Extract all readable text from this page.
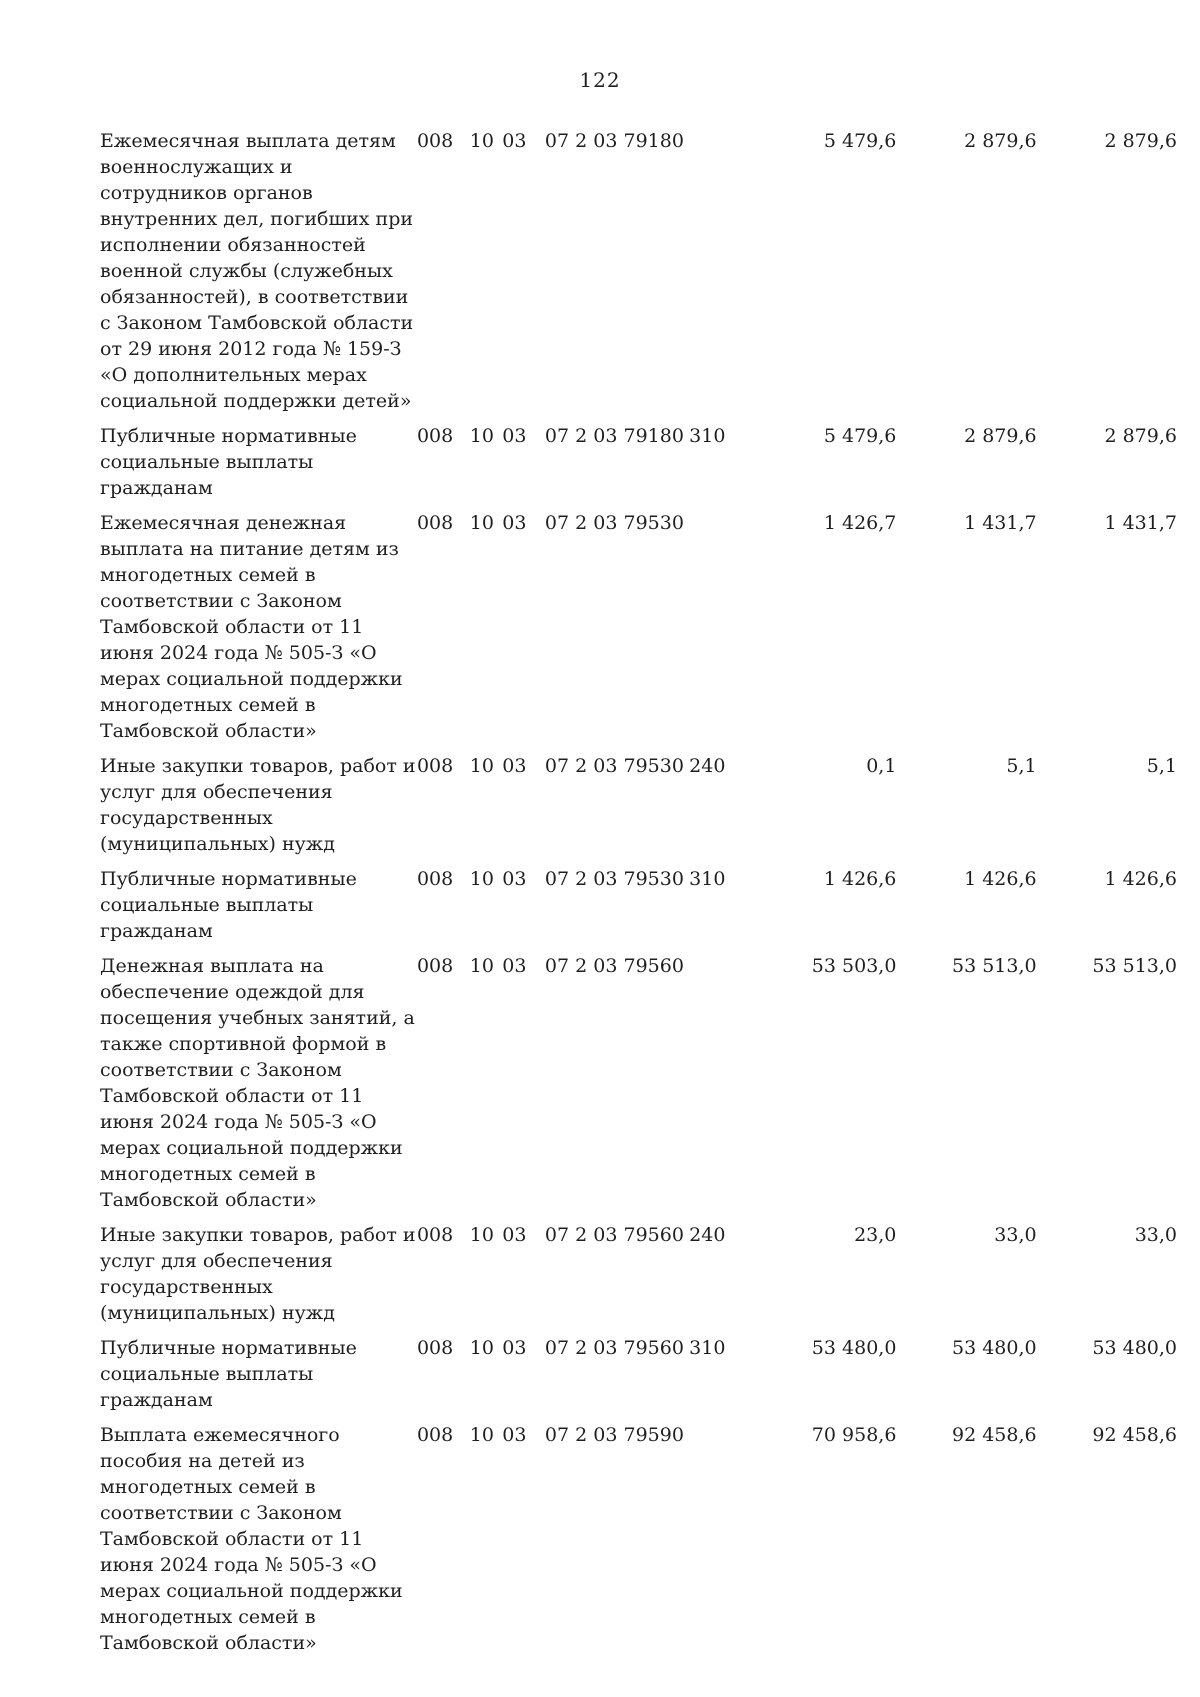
122
Ежемесячная выплата детям военнослужащих и сотрудников органов внутренних дел, погибших при исполнении обязанностей военной службы (служебных обязанностей), в соответствии с Законом Тамбовской области от 29 июня 2012 года № 159-З «О дополнительных мерах социальной поддержки детей»	008	10	03	07 2 03 79180		5 479,6	2 879,6	2 879,6
Публичные нормативные социальные выплаты гражданам	008	10	03	07 2 03 79180	310	5 479,6	2 879,6	2 879,6
Ежемесячная денежная выплата на питание детям из многодетных семей в соответствии с Законом Тамбовской области от 11 июня 2024 года № 505-З «О мерах социальной поддержки многодетных семей в Тамбовской области»	008	10	03	07 2 03 79530		1 426,7	1 431,7	1 431,7
Иные закупки товаров, работ и услуг для обеспечения государственных (муниципальных) нужд	008	10	03	07 2 03 79530	240	0,1	5,1	5,1
Публичные нормативные социальные выплаты гражданам	008	10	03	07 2 03 79530	310	1 426,6	1 426,6	1 426,6
Денежная выплата на обеспечение одеждой для посещения учебных занятий, а также спортивной формой в соответствии с Законом Тамбовской области от 11 июня 2024 года № 505-З «О мерах социальной поддержки многодетных семей в Тамбовской области»	008	10	03	07 2 03 79560		53 503,0	53 513,0	53 513,0
Иные закупки товаров, работ и услуг для обеспечения государственных (муниципальных) нужд	008	10	03	07 2 03 79560	240	23,0	33,0	33,0
Публичные нормативные социальные выплаты гражданам	008	10	03	07 2 03 79560	310	53 480,0	53 480,0	53 480,0
Выплата ежемесячного пособия на детей из многодетных семей в соответствии с Законом Тамбовской области от 11 июня 2024 года № 505-З «О мерах социальной поддержки многодетных семей в Тамбовской области»	008	10	03	07 2 03 79590		70 958,6	92 458,6	92 458,6
